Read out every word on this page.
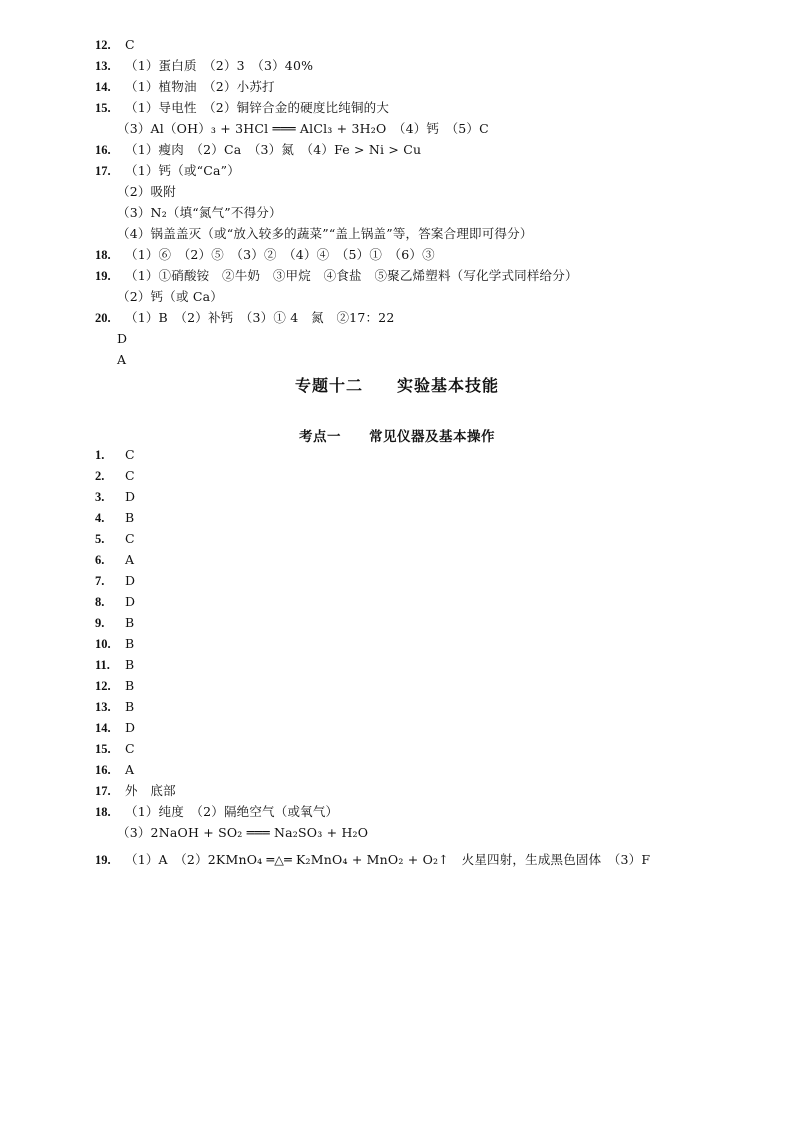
12. C
13. （1）蛋白质　（2）3　（3）40%
14. （1）植物油　（2）小苏打
15. （1）导电性　（2）铜锌合金的硬度比纯铜的大
（3）Al（OH）₃ + 3HCl ═══ AlCl₃ + 3H₂O　（4）钙　（5）C
16. （1）瘦肉　（2）Ca　（3）氮　（4）Fe > Ni > Cu
17. （1）钙（或“Ca”）
（2）吸附
（3）N₂（填“氮气”不得分）
（4）锅盖盖灭（或“放入较多的蔬菜”“盖上锅盖”等，答案合理即可得分）
18. （1）⑥　（2）⑤　（3）②　（4）④　（5）①　（6）③
19. （1）①硝酸铵　②牛奶　③甲烷　④食盐　⑤聚乙烯塑料（写化学式同样给分）
（2）钙（或 Ca）
20. （1）B　（2）补钙　（3）① 4　氮　②17：22
D
A
专题十二　　实验基本技能
考点一　　常见仪器及基本操作
1. C
2. C
3. D
4. B
5. C
6. A
7. D
8. D
9. B
10. B
11. B
12. B
13. B
14. D
15. C
16. A
17. 外　底部
18. （1）纯度　（2）隔绝空气（或氧气）
（3）2NaOH + SO₂ ═══ Na₂SO₃ + H₂O
19. （1）A　（2）2KMnO₄ ═△═ K₂MnO₄ + MnO₂ + O₂↑　火星四射，生成黑色固体　（3）F
